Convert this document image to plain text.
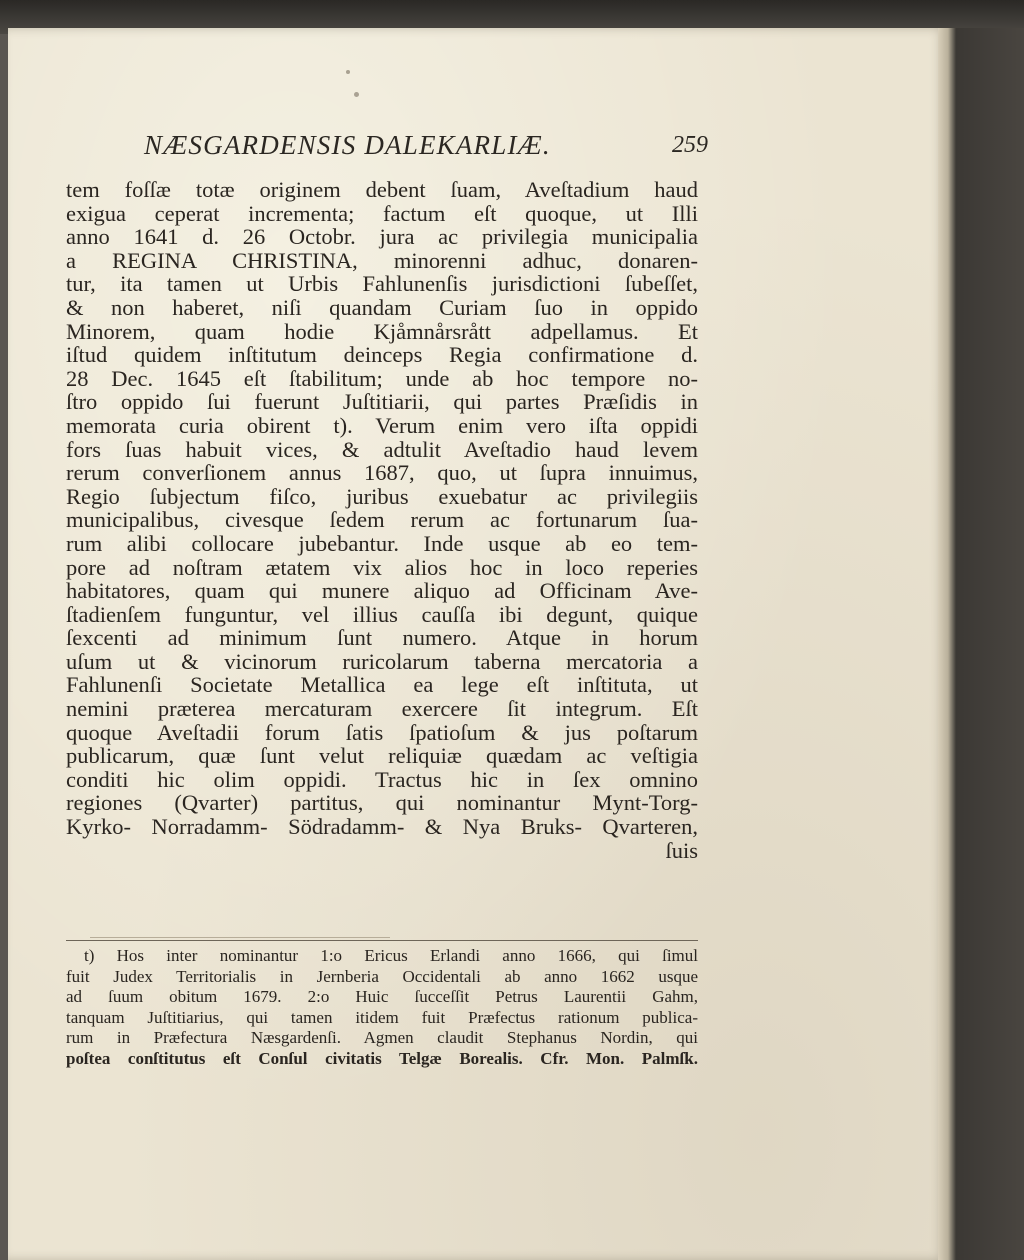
NÆSGARDENSIS DALEKARLIÆ.	259
tem foſſæ totæ originem debent ſuam, Aveſtadium haud
exigua ceperat incrementa; factum eſt quoque, ut Illi
anno 1641 d. 26 Octobr. jura ac privilegia municipalia
a REGINA CHRISTINA, minorenni adhuc, donaren-
tur, ita tamen ut Urbis Fahlunenſis jurisdictioni ſubeſſet,
& non haberet, niſi quandam Curiam ſuo in oppido
Minorem, quam hodie Kjåmnårsrått adpellamus. Et
iſtud quidem inſtitutum deinceps Regia confirmatione d.
28 Dec. 1645 eſt ſtabilitum; unde ab hoc tempore no-
ſtro oppido ſui fuerunt Juſtitiarii, qui partes Præſidis in
memorata curia obirent t). Verum enim vero iſta oppidi
fors ſuas habuit vices, & adtulit Aveſtadio haud levem
rerum converſionem annus 1687, quo, ut ſupra innuimus,
Regio ſubjectum fiſco, juribus exuebatur ac privilegiis
municipalibus, civesque ſedem rerum ac fortunarum ſua-
rum alibi collocare jubebantur. Inde usque ab eo tem-
pore ad noſtram ætatem vix alios hoc in loco reperies
habitatores, quam qui munere aliquo ad Officinam Ave-
ſtadienſem funguntur, vel illius cauſſa ibi degunt, quique
ſexcenti ad minimum ſunt numero. Atque in horum
uſum ut & vicinorum ruricolarum taberna mercatoria a
Fahlunenſi Societate Metallica ea lege eſt inſtituta, ut
nemini præterea mercaturam exercere ſit integrum. Eſt
quoque Aveſtadii forum ſatis ſpatioſum & jus poſtarum
publicarum, quæ ſunt velut reliquiæ quædam ac veſtigia
conditi hic olim oppidi. Tractus hic in ſex omnino
regiones (Qvarter) partitus, qui nominantur Mynt-Torg-
Kyrko- Norradamm- Södradamm- & Nya Bruks- Qvarteren,
ſuis
t) Hos inter nominantur 1:o Ericus Erlandi anno 1666, qui ſimul
fuit Judex Territorialis in Jernberia Occidentali ab anno 1662 usque
ad ſuum obitum 1679. 2:o Huic ſucceſſit Petrus Laurentii Gahm,
tanquam Juſtitiarius, qui tamen itidem fuit Præfectus rationum publica-
rum in Præfectura Næsgardenſi. Agmen claudit Stephanus Nordin, qui
poſtea conſtitutus eſt Conſul civitatis Telgæ Borealis. Cfr. Mon. Palmſk.
